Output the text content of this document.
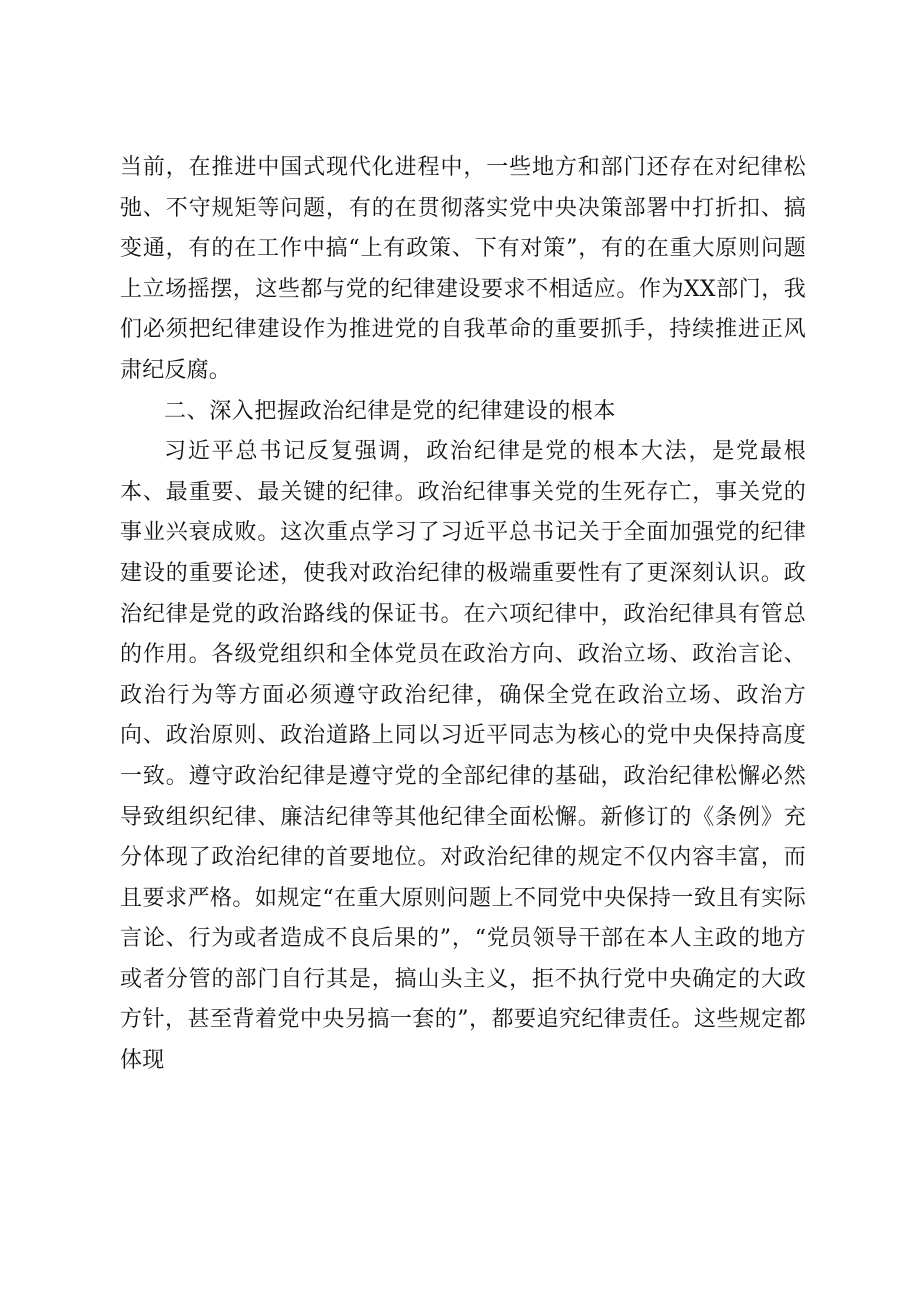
当前，在推进中国式现代化进程中，一些地方和部门还存在对纪律松弛、不守规矩等问题，有的在贯彻落实党中央决策部署中打折扣、搞变通，有的在工作中搞“上有政策、下有对策”，有的在重大原则问题上立场摇摆，这些都与党的纪律建设要求不相适应。作为XX部门，我们必须把纪律建设作为推进党的自我革命的重要抓手，持续推进正风肃纪反腐。

二、深入把握政治纪律是党的纪律建设的根本

习近平总书记反复强调，政治纪律是党的根本大法，是党最根本、最重要、最关键的纪律。政治纪律事关党的生死存亡，事关党的事业兴衰成败。这次重点学习了习近平总书记关于全面加强党的纪律建设的重要论述，使我对政治纪律的极端重要性有了更深刻认识。政治纪律是党的政治路线的保证书。在六项纪律中，政治纪律具有管总的作用。各级党组织和全体党员在政治方向、政治立场、政治言论、政治行为等方面必须遵守政治纪律，确保全党在政治立场、政治方向、政治原则、政治道路上同以习近平同志为核心的党中央保持高度一致。遵守政治纪律是遵守党的全部纪律的基础，政治纪律松懈必然导致组织纪律、廉洁纪律等其他纪律全面松懈。新修订的《条例》充分体现了政治纪律的首要地位。对政治纪律的规定不仅内容丰富，而且要求严格。如规定“在重大原则问题上不同党中央保持一致且有实际言论、行为或者造成不良后果的”，“党员领导干部在本人主政的地方或者分管的部门自行其是，搞山头主义，拒不执行党中央确定的大政方针，甚至背着党中央另搞一套的”，都要追究纪律责任。这些规定都体现
